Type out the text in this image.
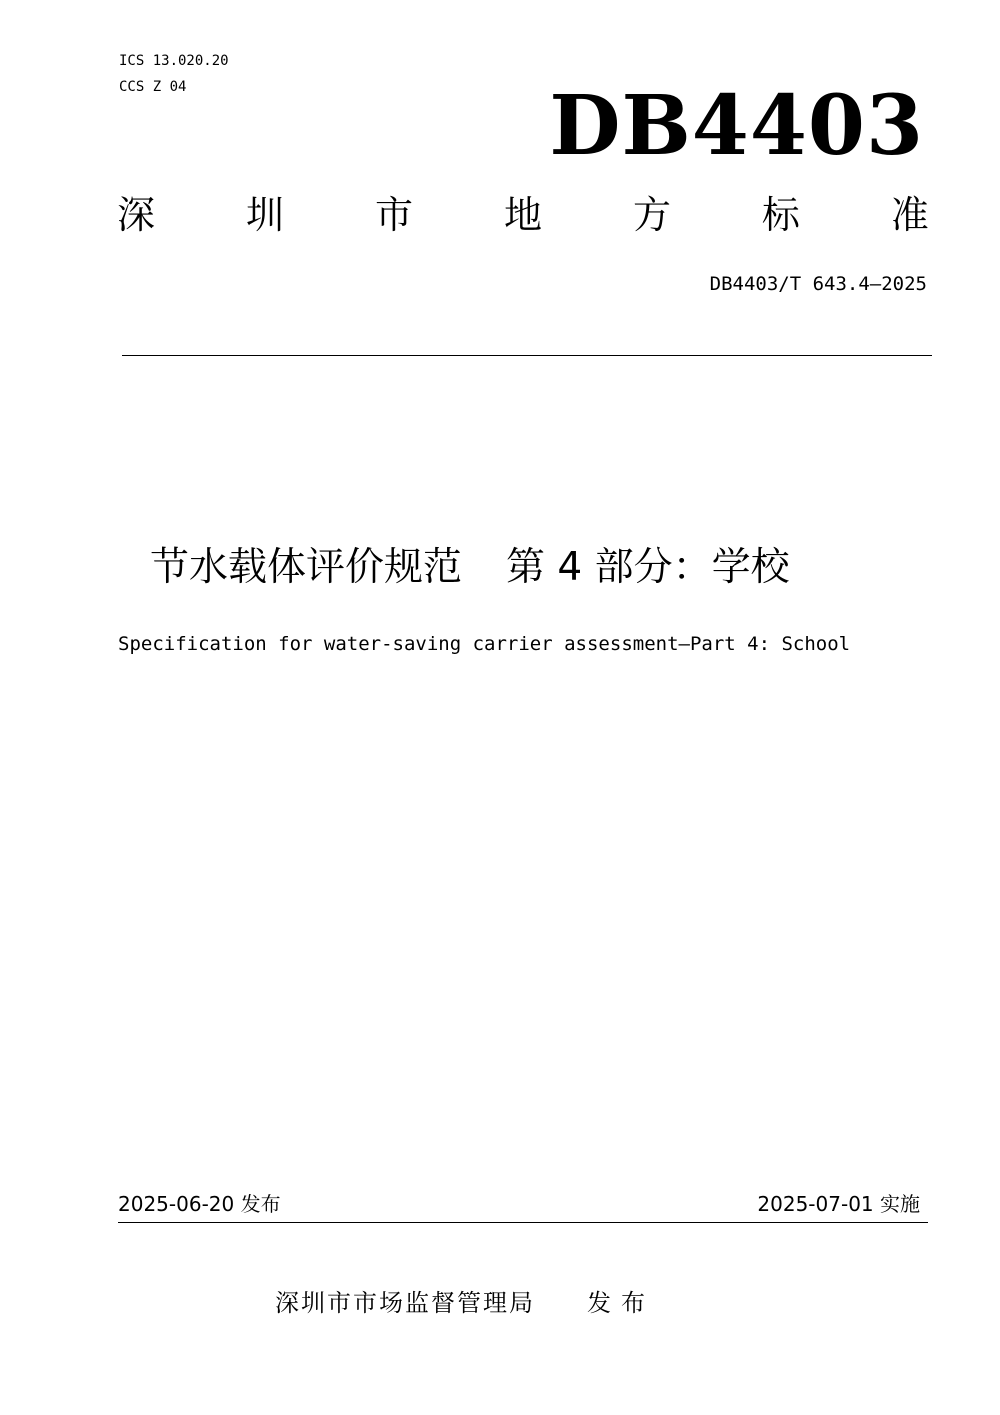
ICS 13.020.20
CCS Z 04	DB4403
深 圳 市 地 方 标 准
DB4403/T 643.4—2025
节水载体评价规范 第 4 部分：学校
Specification for water-saving carrier assessment—Part 4: School
2025-06-20 发布	2025-07-01 实施
深圳市市场监督管理局 发布
